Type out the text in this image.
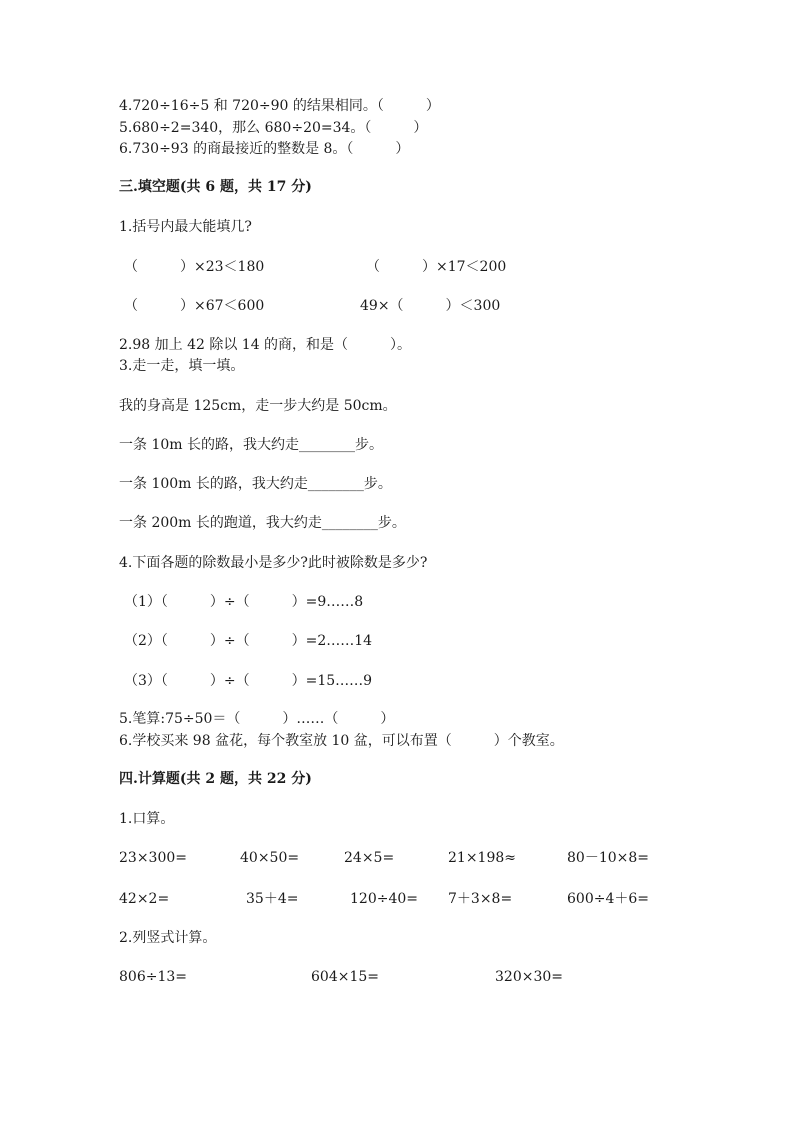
4.720÷16÷5 和 720÷90 的结果相同。（　　　）
5.680÷2=340，那么 680÷20=34。（　　　）
6.730÷93 的商最接近的整数是 8。（　　　）
三.填空题(共 6 题，共 17 分)
1.括号内最大能填几?
（　　　）×23＜180	（　　　）×17＜200
（　　　）×67＜600	49×（　　　）＜300
2.98 加上 42 除以 14 的商，和是（　　　）。
3.走一走，填一填。
我的身高是 125cm，走一步大约是 50cm。
一条 10m 长的路，我大约走________步。
一条 100m 长的路，我大约走________步。
一条 200m 长的跑道，我大约走________步。
4.下面各题的除数最小是多少?此时被除数是多少?
（1）（　　　）÷（　　　）=9……8
（2）（　　　）÷（　　　）=2……14
（3）（　　　）÷（　　　）=15……9
5.笔算:75÷50＝（　　　）……（　　　）
6.学校买来 98 盆花，每个教室放 10 盆，可以布置（　　　）个教室。
四.计算题(共 2 题，共 22 分)
1.口算。
23×300=	40×50=	24×5=	21×198≈	80－10×8=
42×2=	35＋4=	120÷40= 7＋3×8=	600÷4＋6=
2.列竖式计算。
806÷13=	604×15=	320×30=
